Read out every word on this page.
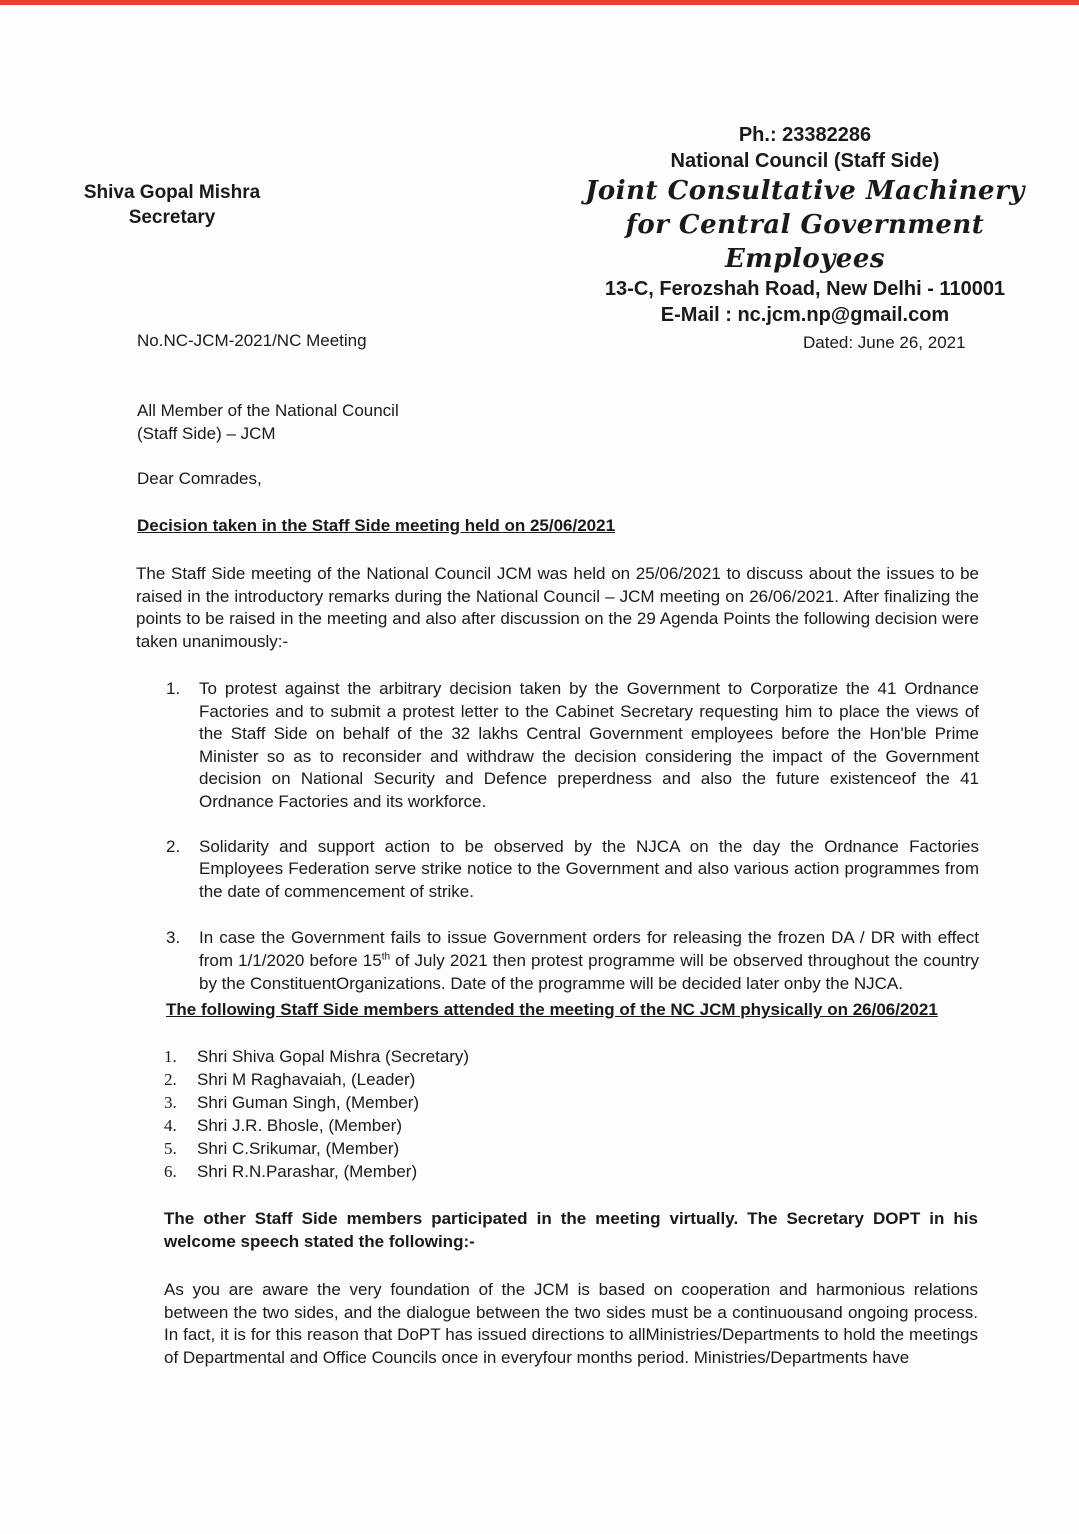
Shiva Gopal Mishra
Secretary
Ph.: 23382286
National Council (Staff Side)
Joint Consultative Machinery
for Central Government Employees
13-C, Ferozshah Road, New Delhi - 110001
E-Mail : nc.jcm.np@gmail.com
No.NC-JCM-2021/NC Meeting	Dated: June 26, 2021
All Member of the National Council
(Staff Side) – JCM
Dear Comrades,
Decision taken in the Staff Side meeting held on 25/06/2021
The Staff Side meeting of the National Council JCM was held on 25/06/2021 to discuss about the issues to be raised in the introductory remarks during the National Council – JCM meeting on 26/06/2021. After finalizing the points to be raised in the meeting and also after discussion on the 29 Agenda Points the following decision were taken unanimously:-
1. To protest against the arbitrary decision taken by the Government to Corporatize the 41 Ordnance Factories and to submit a protest letter to the Cabinet Secretary requesting him to place the views of the Staff Side on behalf of the 32 lakhs Central Government employees before the Hon'ble Prime Minister so as to reconsider and withdraw the decision considering the impact of the Government decision on National Security and Defence preperdness and also the future existenceof the 41 Ordnance Factories and its workforce.
2. Solidarity and support action to be observed by the NJCA on the day the Ordnance Factories Employees Federation serve strike notice to the Government and also various action programmes from the date of commencement of strike.
3. In case the Government fails to issue Government orders for releasing the frozen DA / DR with effect from 1/1/2020 before 15th of July 2021 then protest programme will be observed throughout the country by the ConstituentOrganizations. Date of the programme will be decided later onby the NJCA.
The following Staff Side members attended the meeting of the NC JCM physically on 26/06/2021
1. Shri Shiva Gopal Mishra (Secretary)
2. Shri M Raghavaiah, (Leader)
3. Shri Guman Singh, (Member)
4. Shri J.R. Bhosle, (Member)
5. Shri C.Srikumar, (Member)
6. Shri R.N.Parashar, (Member)
The other Staff Side members participated in the meeting virtually. The Secretary DOPT in his welcome speech stated the following:-
As you are aware the very foundation of the JCM is based on cooperation and harmonious relations between the two sides, and the dialogue between the two sides must be a continuousand ongoing process. In fact, it is for this reason that DoPT has issued directions to allMinistries/Departments to hold the meetings of Departmental and Office Councils once in everyfour months period. Ministries/Departments have
